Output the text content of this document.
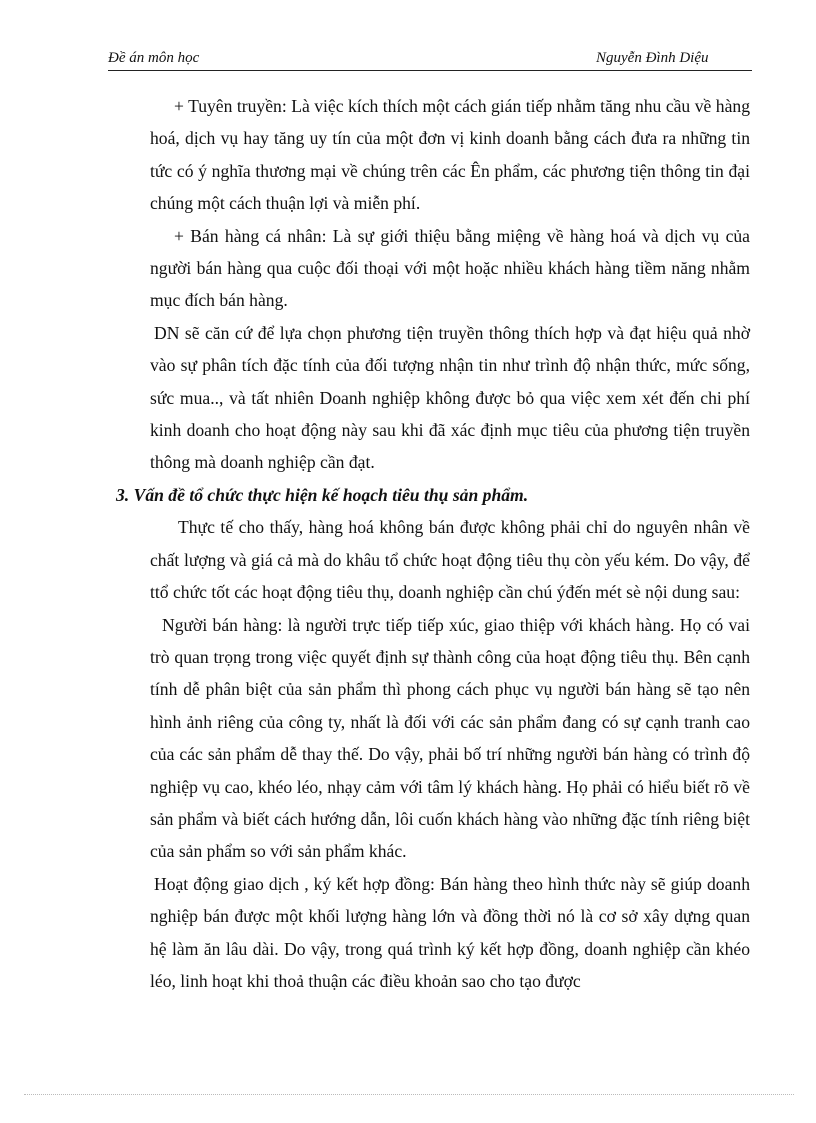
Đề án môn học	Nguyễn Đình Diệu

+ Tuyên truyền: Là việc kích thích một cách gián tiếp nhằm tăng nhu cầu về hàng hoá, dịch vụ hay tăng uy tín của một đơn vị kinh doanh bằng cách đưa ra những tin tức có ý nghĩa thương mại về chúng trên các Ên phẩm, các phương tiện thông tin đại chúng một cách thuận lợi và miễn phí.

+ Bán hàng cá nhân: Là sự giới thiệu bằng miệng về hàng hoá và dịch vụ của người bán hàng qua cuộc đối thoại với một hoặc nhiều khách hàng tiềm năng nhằm mục đích bán hàng.

DN sẽ căn cứ để lựa chọn phương tiện truyền thông thích hợp và đạt hiệu quả nhờ vào sự phân tích đặc tính của đối tượng nhận tin như trình độ nhận thức, mức sống, sức mua.., và tất nhiên Doanh nghiệp không được bỏ qua việc xem xét đến chi phí kinh doanh cho hoạt động này sau khi đã xác định mục tiêu của phương tiện truyền thông mà doanh nghiệp cần đạt.

3. Vấn đề tổ chức thực hiện kế hoạch tiêu thụ sản phẩm.

Thực tế cho thấy, hàng hoá không bán được không phải chỉ do nguyên nhân về chất lượng và giá cả mà do khâu tổ chức hoạt động tiêu thụ còn yếu kém. Do vậy, để ttổ chức tốt các hoạt động tiêu thụ, doanh nghiệp cần chú ýđến mét sè nội dung sau:

Người bán hàng: là người trực tiếp tiếp xúc, giao thiệp với khách hàng. Họ có vai trò quan trọng trong việc quyết định sự thành công của hoạt động tiêu thụ. Bên cạnh tính dễ phân biệt của sản phẩm thì phong cách phục vụ người bán hàng sẽ tạo nên hình ảnh riêng của công ty, nhất là đối với các sản phẩm đang có sự cạnh tranh cao của các sản phẩm dễ thay thế. Do vậy, phải bố trí những người bán hàng có trình độ nghiệp vụ cao, khéo léo, nhạy cảm với tâm lý khách hàng. Họ phải có hiểu biết rõ về sản phẩm và biết cách hướng dẫn, lôi cuốn khách hàng vào những đặc tính riêng biệt của sản phẩm so với sản phẩm khác.

Hoạt động giao dịch , ký kết hợp đồng: Bán hàng theo hình thức này sẽ giúp doanh nghiệp bán được một khối lượng hàng lớn và đồng thời nó là cơ sở xây dựng quan hệ làm ăn lâu dài. Do vậy, trong quá trình ký kết hợp đồng, doanh nghiệp cần khéo léo, linh hoạt khi thoả thuận các điều khoản sao cho tạo được
